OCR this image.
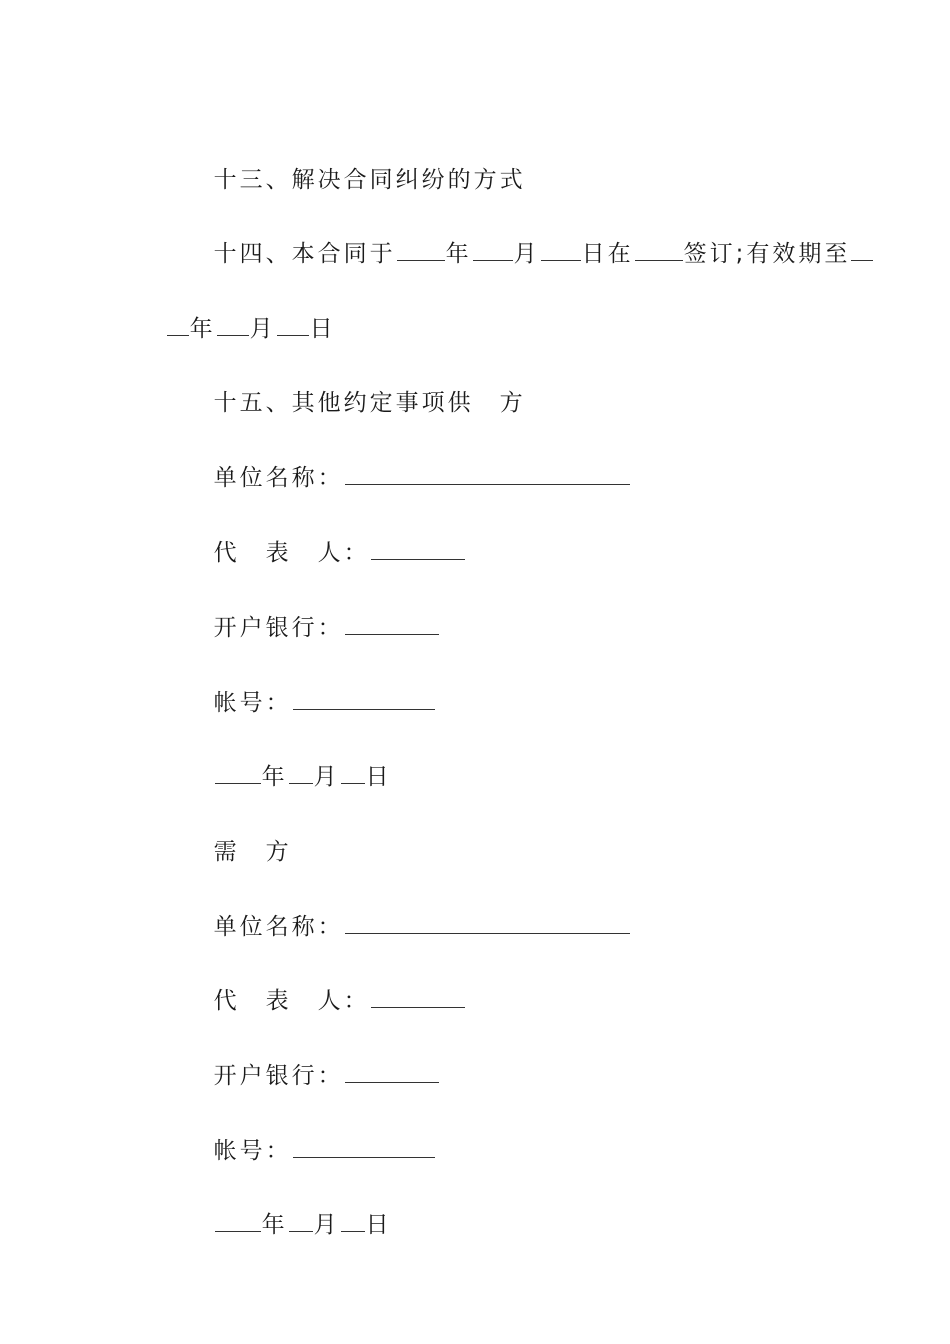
十三、解决合同纠纷的方式

十四、本合同于 年 月 日在 签订;有效期至

年 月 日

十五、其他约定事项供　方

单位名称：

代　表　人：

开户银行：

帐号：

年 月 日

需　方

单位名称：

代　表　人：

开户银行：

帐号：

年 月 日
